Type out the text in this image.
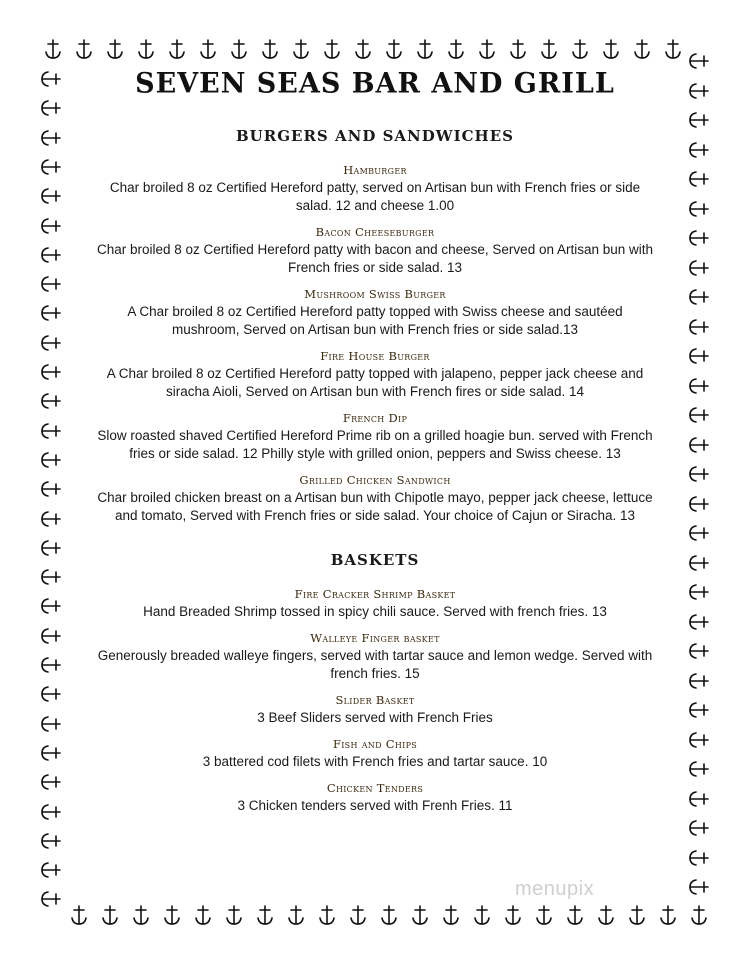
SEVEN SEAS BAR AND GRILL
BURGERS AND SANDWICHES
Hamburger
Char broiled 8 oz Certified Hereford patty, served on Artisan bun with French fries or side salad. 12 and cheese 1.00
Bacon Cheeseburger
Char broiled 8 oz Certified Hereford patty with bacon and cheese, Served on Artisan bun with French fries or side salad. 13
Mushroom Swiss Burger
A Char broiled 8 oz Certified Hereford patty topped with Swiss cheese and sautéed mushroom, Served on Artisan bun with French fries or side salad.13
Fire House Burger
A Char broiled 8 oz Certified Hereford patty topped with jalapeno, pepper jack cheese and siracha Aioli, Served on Artisan bun with French fires or side salad. 14
French Dip
Slow roasted shaved Certified Hereford Prime rib on a grilled hoagie bun. served with French fries or side salad. 12 Philly style with grilled onion, peppers and Swiss cheese. 13
Grilled Chicken Sandwich
Char broiled chicken breast on a Artisan bun with Chipotle mayo, pepper jack cheese, lettuce and tomato, Served with French fries or side salad. Your choice of Cajun or Siracha. 13
BASKETS
Fire Cracker Shrimp Basket
Hand Breaded Shrimp tossed in spicy chili sauce. Served with french fries. 13
Walleye Finger basket
Generously breaded walleye fingers, served with tartar sauce and lemon wedge. Served with french fries. 15
Slider Basket
3 Beef Sliders served with French Fries
Fish and Chips
3 battered cod filets with French fries and tartar sauce. 10
Chicken Tenders
3 Chicken tenders served with Frenh Fries. 11
menupix
